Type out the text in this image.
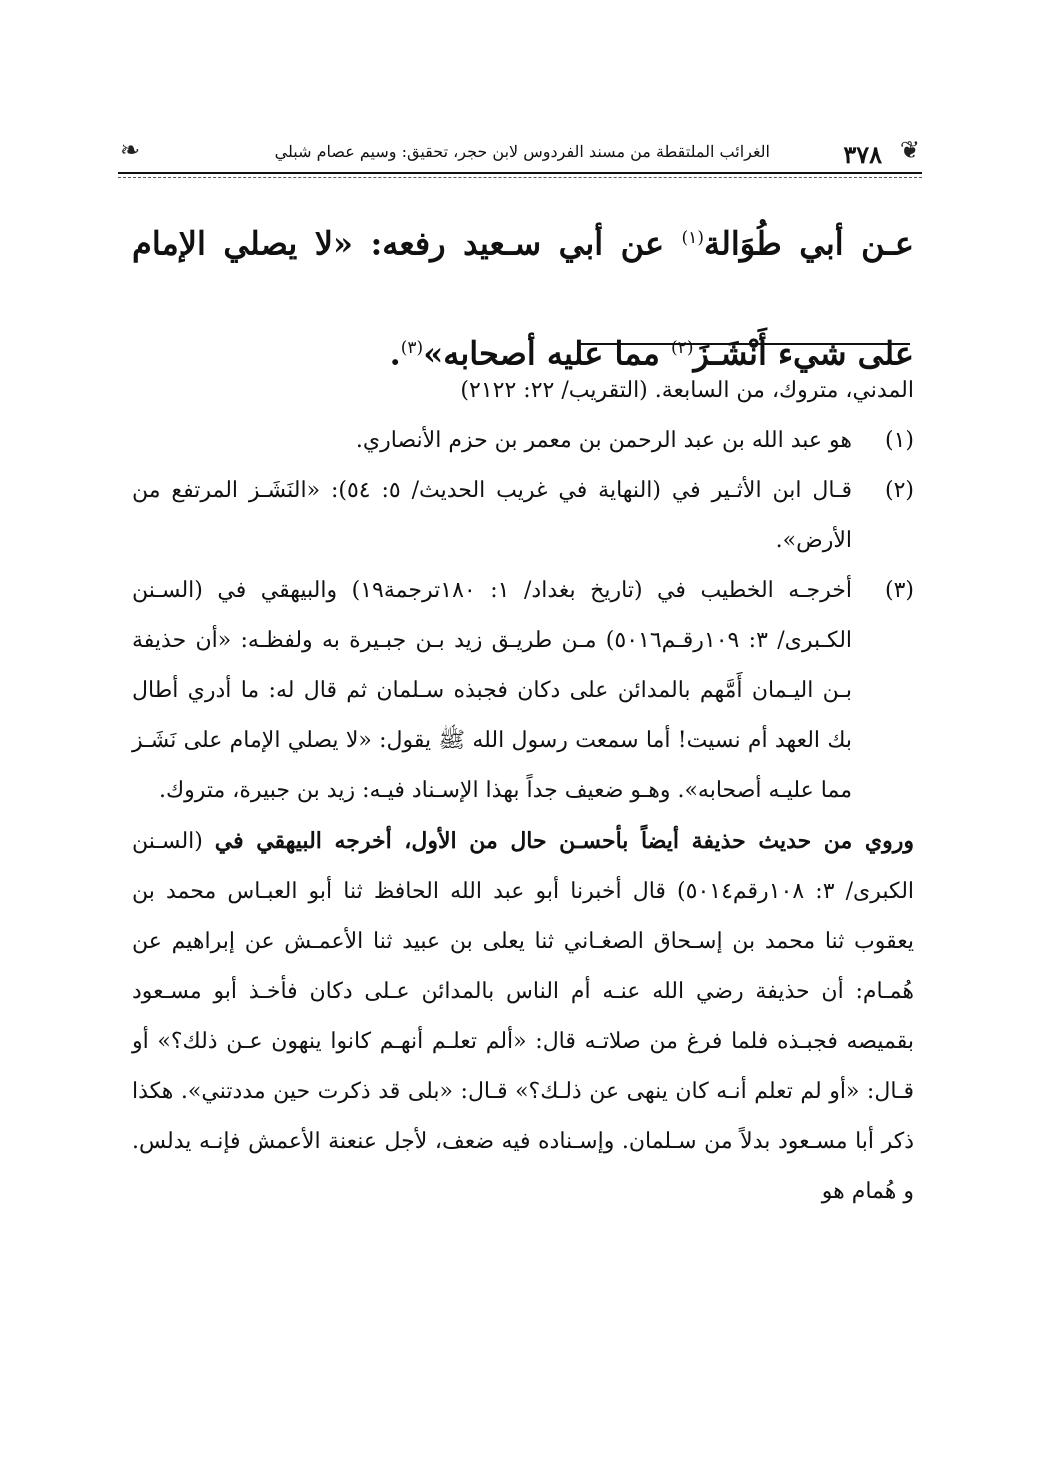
❦
٣٧٨
الغرائب الملتقطة من مسند الفردوس لابن حجر، تحقيق: وسيم عصام شبلي
❧
عـن أبي طُوَالة$^{(١)}$ عن أبي سـعيد رفعه: «لا يصلي الإمام على شيء أَنْشَـزَ$^{(٢)}$ مما عليه أصحابه»$^{(٣)}$.
المدني، متروك، من السابعة. (التقريب/ ٢٢: ٢١٢٢)
(١)
هو عبد الله بن عبد الرحمن بن معمر بن حزم الأنصاري.
(٢)
قـال ابن الأثـير في (النهاية في غريب الحديث/ ٥: ٥٤): «النَشَـز المرتفع من الأرض».
(٣)
أخرجـه الخطيب في (تاريخ بغداد/ ١: ١٨٠ترجمة١٩) والبيهقي في (السـنن الكـبرى/ ٣: ١٠٩رقـم٥٠١٦) مـن طريـق زيد بـن جبـيرة به ولفظـه: «أن حذيفة بـن اليـمان أَمَّهم بالمدائن على دكان فجبذه سـلمان ثم قال له: ما أدري أطال بك العهد أم نسيت! أما سمعت رسول الله ﷺ يقول: «لا يصلي الإمام على نَشَـز مما عليـه أصحابه». وهـو ضعيف جداً بهذا الإسـناد فيـه: زيد بن جبيرة، متروك.
وروي من حديث حذيفة أيضاً بأحسـن حال من الأول، أخرجه البيهقي في (السـنن الكبرى/ ٣: ١٠٨رقم٥٠١٤) قال أخبرنا أبو عبد الله الحافظ ثنا أبو العبـاس محمد بن يعقوب ثنا محمد بن إسـحاق الصغـاني ثنا يعلى بن عبيد ثنا الأعمـش عن إبراهيم عن هُمـام: أن حذيفة رضي الله عنـه أم الناس بالمدائن عـلى دكان فأخـذ أبو مسـعود بقميصه فجبـذه فلما فرغ من صلاتـه قال: «ألم تعلـم أنهـم كانوا ينهون عـن ذلك؟» أو قـال: «أو لم تعلم أنـه كان ينهى عن ذلـك؟» قـال: «بلى قد ذكرت حين مددتني». هكذا ذكر أبا مسـعود بدلاً من سـلمان. وإسـناده فيه ضعف، لأجل عنعنة الأعمش فإنـه يدلس. و هُمام هو
